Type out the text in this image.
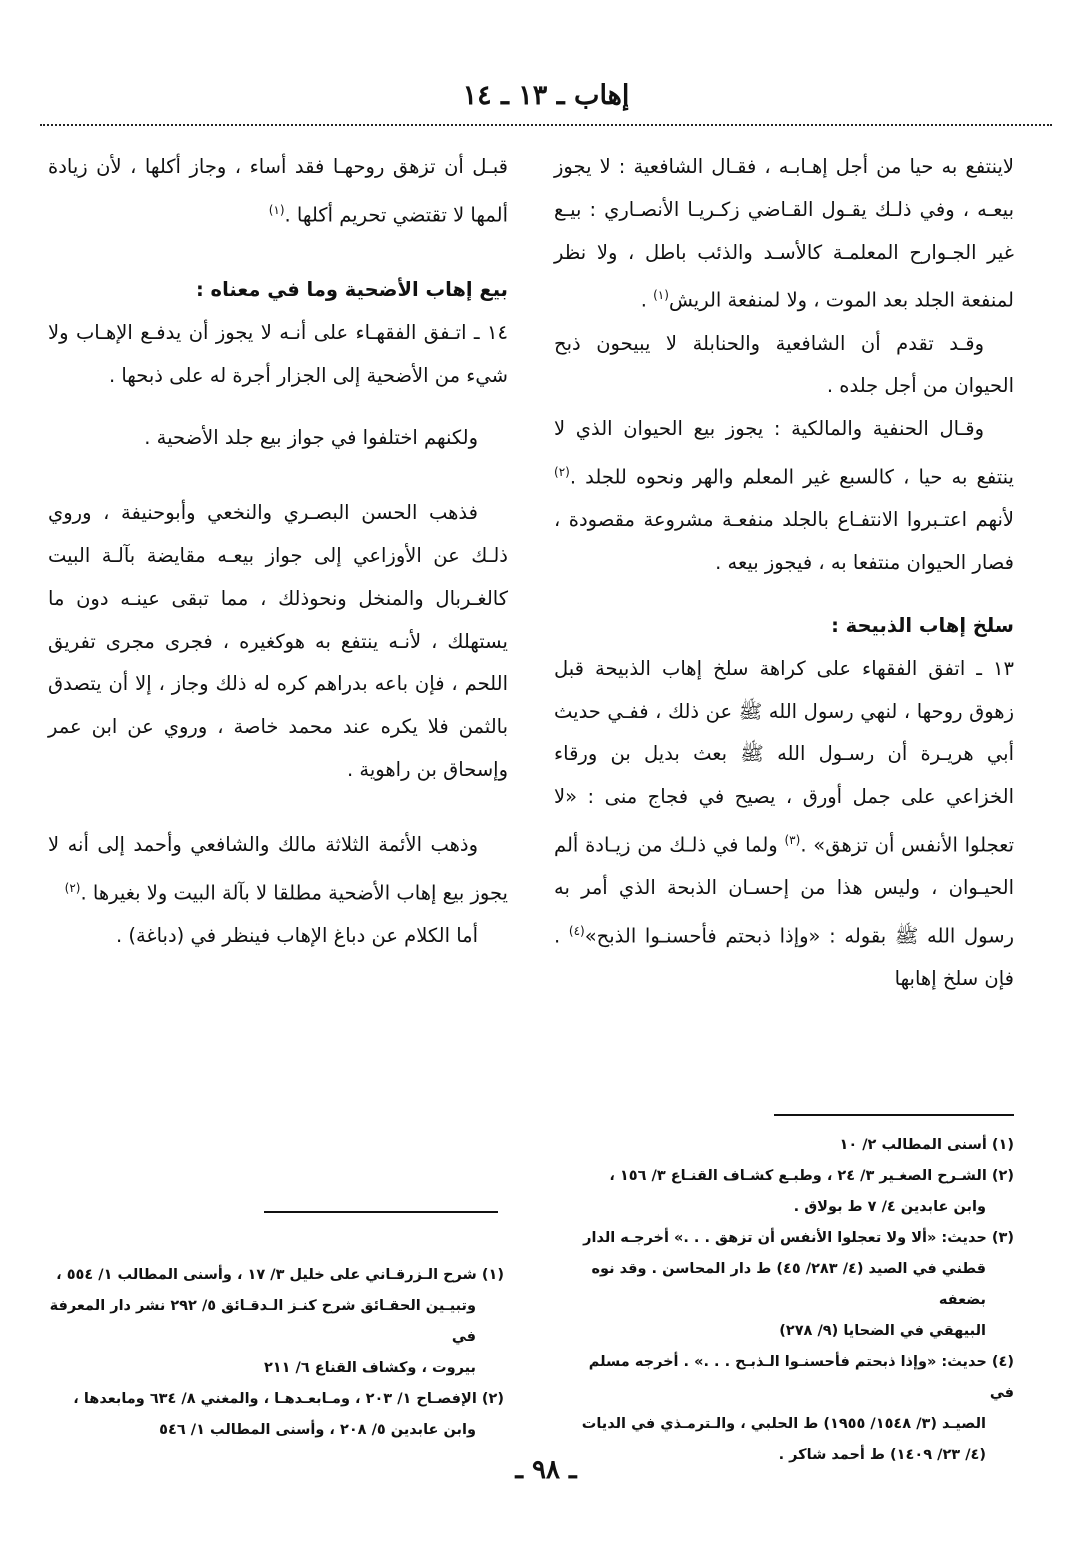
إهاب ـ ١٣ ـ ١٤

لاينتفع به حيا من أجل إهـابـه ، فقـال الشافعية : لا يجوز بيعـه ، وفي ذلـك يقـول القـاضي زكـريـا الأنصـاري : بيـع غير الجـوارح المعلمـة كالأسـد والذئب باطل ، ولا نظر لمنفعة الجلد بعد الموت ، ولا لمنفعة الريش$^{(١)}$ .

وقـد تقدم أن الشافعية والحنابلة لا يبيحون ذبح الحيوان من أجل جلده .

وقـال الحنفية والمالكية : يجوز بيع الحيوان الذي لا ينتفع به حيا ، كالسبع غير المعلم والهر ونحوه للجلد .$^{(٢)}$ لأنهم اعتـبروا الانتفـاع بالجلد منفعـة مشروعة مقصودة ، فصار الحيوان منتفعا به ، فيجوز بيعه .

سلخ إهاب الذبيحة :

١٣ ـ اتفق الفقهاء على كراهة سلخ إهاب الذبيحة قبل زهوق روحها ، لنهي رسول الله ﷺ عن ذلك ، ففـي حديث أبي هريـرة أن رسـول الله ﷺ بعث بديل بن ورقاء الخزاعي على جمل أورق ، يصيح في فجاج منى : «لا تعجلوا الأنفس أن تزهق» .$^{(٣)}$ ولما في ذلـك من زيـادة ألم الحيـوان ، وليس هذا من إحسـان الذبحة الذي أمر به رسول الله ﷺ بقوله : «وإذا ذبحتم فأحسنـوا الذبح»$^{(٤)}$ . فإن سلخ إهابها

قبـل أن تزهق روحهـا فقد أساء ، وجاز أكلها ، لأن زيادة ألمها لا تقتضي تحريم أكلها .$^{(١)}$

بيع إهاب الأضحية وما في معناه :

١٤ ـ اتـفق الفقهـاء على أنـه لا يجوز أن يدفـع الإهـاب ولا شيء من الأضحية إلى الجزار أجرة له على ذبحها .

ولكنهم اختلفوا في جواز بيع جلد الأضحية .

فذهب الحسن البصـري والنخعي وأبوحنيفة ، وروي ذلـك عن الأوزاعي إلى جواز بيعـه مقايضة بآلـة البيت كالغـربال والمنخل ونحوذلك ، مما تبقى عينـه دون ما يستهلك ، لأنـه ينتفع به هوكغيره ، فجرى مجرى تفريق اللحم ، فإن باعه بدراهم كره له ذلك وجاز ، إلا أن يتصدق بالثمن فلا يكره عند محمد خاصة ، وروي عن ابن عمر وإسحاق بن راهوية .

وذهب الأئمة الثلاثة مالك والشافعي وأحمد إلى أنه لا يجوز بيع إهاب الأضحية مطلقا لا بآلة البيت ولا بغيرها .$^{(٢)}$

أما الكلام عن دباغ الإهاب فينظر في (دباغة) .

(١) أسنى المطالب ٢/ ١٠

(٢) الشـرح الصغـير ٣/ ٢٤ ، وطبـع كشـاف القنـاع ٣/ ١٥٦ ،

وابن عابدين ٤/ ٧ ط بولاق .

(٣) حديث: «ألا ولا تعجلوا الأنفس أن تزهق . . .» أخرجـه الدار

قطني في الصيد (٤/ ٢٨٣/ ٤٥) ط دار المحاسن . وقد نوه بضعفه

البيهقي في الضحايا (٩/ ٢٧٨)

(٤) حديث: «وإذا ذبحتم فأحسنـوا الـذبـح . . .» . أخرجه مسلم في

الصيـد (٣/ ١٥٤٨/ ١٩٥٥) ط الحلبي ، والـترمـذي في الديات

(٤/ ٢٣/ ١٤٠٩) ط أحمد شاكر .

(١) شرح الـزرقـاني على خليل ٣/ ١٧ ، وأسنى المطالب ١/ ٥٥٤ ،

وتبيـين الحقـائق شرح كنـز الـدقـائق ٥/ ٢٩٢ نشر دار المعرفة في

بيروت ، وكشاف القناع ٦/ ٢١١

(٢) الإفصـاح ١/ ٢٠٣ ، ومـابعـدهـا ، والمغني ٨/ ٦٣٤ ومابعدها ،

وابن عابدين ٥/ ٢٠٨ ، وأسنى المطالب ١/ ٥٤٦

ـ ٩٨ ـ
